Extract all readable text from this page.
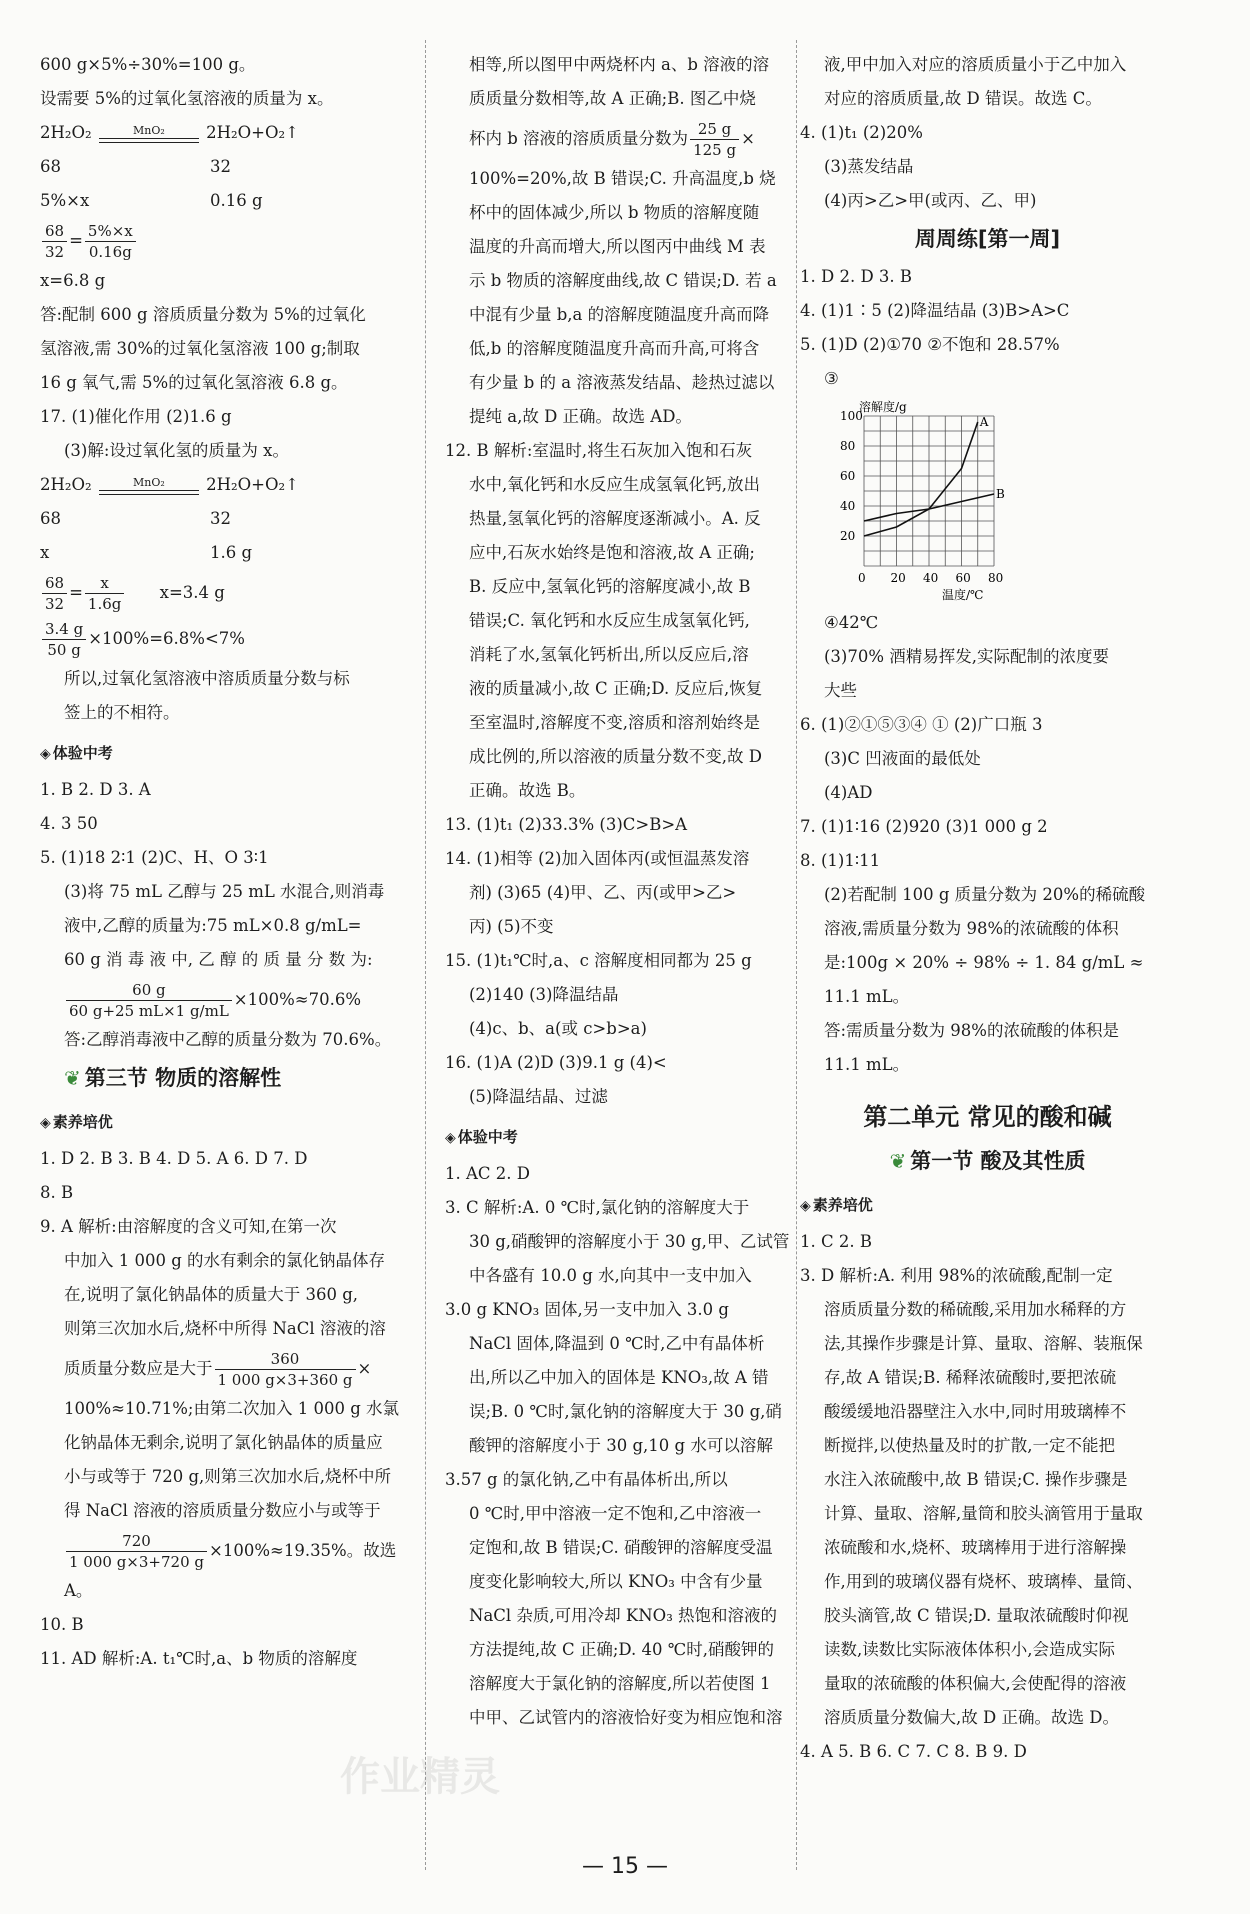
600 g×5%÷30%=100 g。
设需要 5%的过氧化氢溶液的质量为 x。
2H₂O₂	MnO₂	2H₂O+O₂↑
68	32
5%×x	0.16 g
$\frac{68}{32} = \frac{5\%\times x}{0.16g}$
x=6.8 g
答:配制 600 g 溶质质量分数为 5%的过氧化
氢溶液,需 30%的过氧化氢溶液 100 g;制取
16 g 氧气,需 5%的过氧化氢溶液 6.8 g。
17. (1)催化作用 (2)1.6 g
(3)解:设过氧化氢的质量为 x。
2H₂O₂	MnO₂	2H₂O+O₂↑
68	32
x	1.6 g
$\frac{68}{32} = \frac{x}{1.6g} x=3.4$ g
$\frac{3.4 g}{50 g} \times 100\%=6.8\%<7\%$
所以,过氧化氢溶液中溶质质量分数与标
签上的不相符。
◈ 体验中考
1. B 2. D 3. A
4. 3 50
5. (1)18 2∶1 (2)C、H、O 3∶1
(3)将 75 mL 乙醇与 25 mL 水混合,则消毒
液中,乙醇的质量为:75 mL×0.8 g/mL=
60 g 消 毒 液 中, 乙 醇 的 质 量 分 数 为:
$\frac{60 g}{60 g+25 mL\times 1 g/mL} \times 100\%\approx 70.6\%$
答:乙醇消毒液中乙醇的质量分数为 70.6%。
❦ 第三节 物质的溶解性
◈ 素养培优
1. D 2. B 3. B 4. D 5. A 6. D 7. D
8. B
9. A 解析:由溶解度的含义可知,在第一次
中加入 1 000 g 的水有剩余的氯化钠晶体存
在,说明了氯化钠晶体的质量大于 360 g,
则第三次加水后,烧杯中所得 NaCl 溶液的溶
质质量分数应是大于 $\frac{360}{1 000 g\times 3+360 g}$ ×
100%≈10.71%;由第二次加入 1 000 g 水氯
化钠晶体无剩余,说明了氯化钠晶体的质量应
小与或等于 720 g,则第三次加水后,烧杯中所
得 NaCl 溶液的溶质质量分数应小与或等于
$\frac{720}{1 000 g\times 3+720 g} \times 100\%\approx 19.35\%$。故选
A。
10. B
11. AD 解析:A. t₁℃时,a、b 物质的溶解度
相等,所以图甲中两烧杯内 a、b 溶液的溶
质质量分数相等,故 A 正确;B. 图乙中烧
杯内 b 溶液的溶质质量分数为 $\frac{25 g}{125 g}$ ×
100%=20%,故 B 错误;C. 升高温度,b 烧
杯中的固体减少,所以 b 物质的溶解度随
温度的升高而增大,所以图丙中曲线 M 表
示 b 物质的溶解度曲线,故 C 错误;D. 若 a
中混有少量 b,a 的溶解度随温度升高而降
低,b 的溶解度随温度升高而升高,可将含
有少量 b 的 a 溶液蒸发结晶、趁热过滤以
提纯 a,故 D 正确。故选 AD。
12. B 解析:室温时,将生石灰加入饱和石灰
水中,氧化钙和水反应生成氢氧化钙,放出
热量,氢氧化钙的溶解度逐渐减小。A. 反
应中,石灰水始终是饱和溶液,故 A 正确;
B. 反应中,氢氧化钙的溶解度减小,故 B
错误;C. 氧化钙和水反应生成氢氧化钙,
消耗了水,氢氧化钙析出,所以反应后,溶
液的质量减小,故 C 正确;D. 反应后,恢复
至室温时,溶解度不变,溶质和溶剂始终是
成比例的,所以溶液的质量分数不变,故 D
正确。故选 B。
13. (1)t₁ (2)33.3% (3)C>B>A
14. (1)相等 (2)加入固体丙(或恒温蒸发溶
剂) (3)65 (4)甲、乙、丙(或甲>乙>
丙) (5)不变
15. (1)t₁℃时,a、c 溶解度相同都为 25 g
(2)140 (3)降温结晶
(4)c、b、a(或 c>b>a)
16. (1)A (2)D (3)9.1 g (4)<
(5)降温结晶、过滤
◈ 体验中考
1. AC 2. D
3. C 解析:A. 0 ℃时,氯化钠的溶解度大于
30 g,硝酸钾的溶解度小于 30 g,甲、乙试管
中各盛有 10.0 g 水,向其中一支中加入
3.0 g KNO₃ 固体,另一支中加入 3.0 g
NaCl 固体,降温到 0 ℃时,乙中有晶体析
出,所以乙中加入的固体是 KNO₃,故 A 错
误;B. 0 ℃时,氯化钠的溶解度大于 30 g,硝
酸钾的溶解度小于 30 g,10 g 水可以溶解
3.57 g 的氯化钠,乙中有晶体析出,所以
0 ℃时,甲中溶液一定不饱和,乙中溶液一
定饱和,故 B 错误;C. 硝酸钾的溶解度受温
度变化影响较大,所以 KNO₃ 中含有少量
NaCl 杂质,可用冷却 KNO₃ 热饱和溶液的
方法提纯,故 C 正确;D. 40 ℃时,硝酸钾的
溶解度大于氯化钠的溶解度,所以若使图 1
中甲、乙试管内的溶液恰好变为相应饱和溶
液,甲中加入对应的溶质质量小于乙中加入
对应的溶质质量,故 D 错误。故选 C。
4. (1)t₁ (2)20%
(3)蒸发结晶
(4)丙>乙>甲(或丙、乙、甲)
周周练[第一周]
1. D 2. D 3. B
4. (1)1∶5 (2)降温结晶 (3)B>A>C
5. (1)D (2)①70 ②不饱和 28.57%
③
溶解度/g
温度/℃
0 20 40 60 80
20
40
60
80
100	A
B
④42℃
(3)70% 酒精易挥发,实际配制的浓度要
大些
6. (1)②①⑤③④ ① (2)广口瓶 3
(3)C 凹液面的最低处
(4)AD
7. (1)1∶16 (2)920 (3)1 000 g 2
8. (1)1∶11
(2)若配制 100 g 质量分数为 20%的稀硫酸
溶液,需质量分数为 98%的浓硫酸的体积
是:100g × 20% ÷ 98% ÷ 1. 84 g/mL ≈
11.1 mL。
答:需质量分数为 98%的浓硫酸的体积是
11.1 mL。
第二单元 常见的酸和碱
❦ 第一节 酸及其性质
◈ 素养培优
1. C 2. B
3. D 解析:A. 利用 98%的浓硫酸,配制一定
溶质质量分数的稀硫酸,采用加水稀释的方
法,其操作步骤是计算、量取、溶解、装瓶保
存,故 A 错误;B. 稀释浓硫酸时,要把浓硫
酸缓缓地沿器壁注入水中,同时用玻璃棒不
断搅拌,以使热量及时的扩散,一定不能把
水注入浓硫酸中,故 B 错误;C. 操作步骤是
计算、量取、溶解,量筒和胶头滴管用于量取
浓硫酸和水,烧杯、玻璃棒用于进行溶解操
作,用到的玻璃仪器有烧杯、玻璃棒、量筒、
胶头滴管,故 C 错误;D. 量取浓硫酸时仰视
读数,读数比实际液体体积小,会造成实际
量取的浓硫酸的体积偏大,会使配得的溶液
溶质质量分数偏大,故 D 正确。故选 D。
4. A 5. B 6. C 7. C 8. B 9. D
— 15 —
作业精灵
